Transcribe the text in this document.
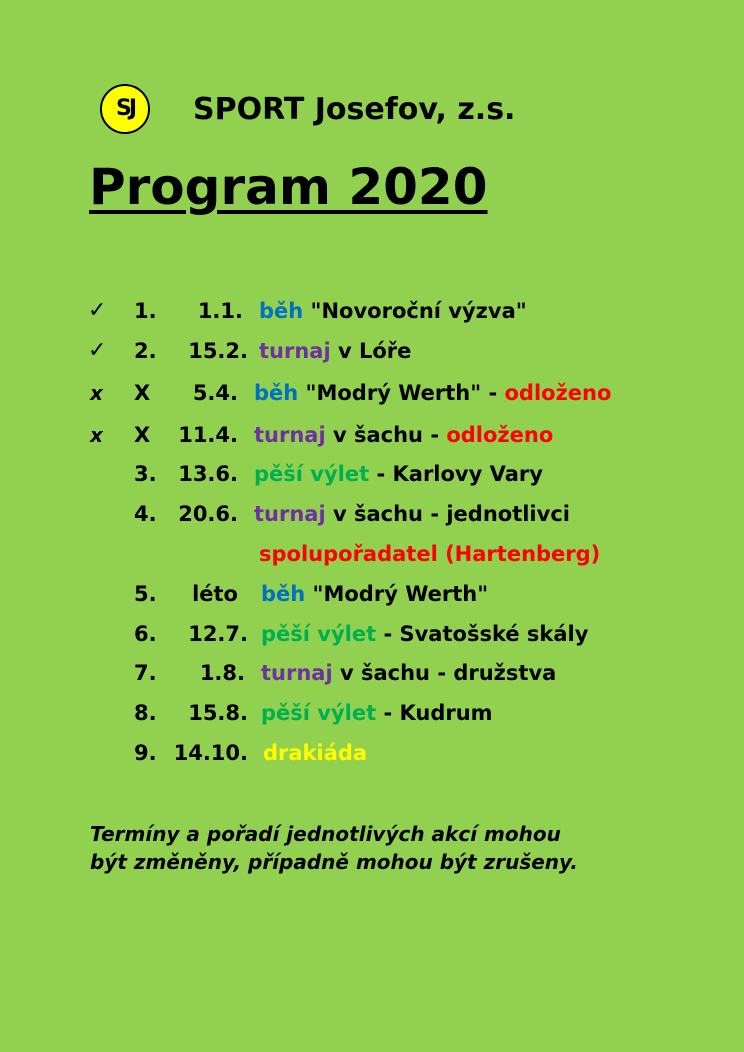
SJ SPORT Josefov, z.s.
Program 2020
✓	1. 1.1. běh "Novoroční výzva"
✓	2. 15.2. turnaj v Lóře
x	X 5.4. běh "Modrý Werth" - odloženo
x	X 11.4. turnaj v šachu - odloženo
3. 13.6. pěší výlet - Karlovy Vary
4. 20.6. turnaj v šachu - jednotlivci
spolupořadatel (Hartenberg)
5. léto běh "Modrý Werth"
6. 12.7. pěší výlet - Svatošské skály
7. 1.8. turnaj v šachu - družstva
8. 15.8. pěší výlet - Kudrum
9. 14.10. drakiáda
Termíny a pořadí jednotlivých akcí mohou
být změněny, případně mohou být zrušeny.
